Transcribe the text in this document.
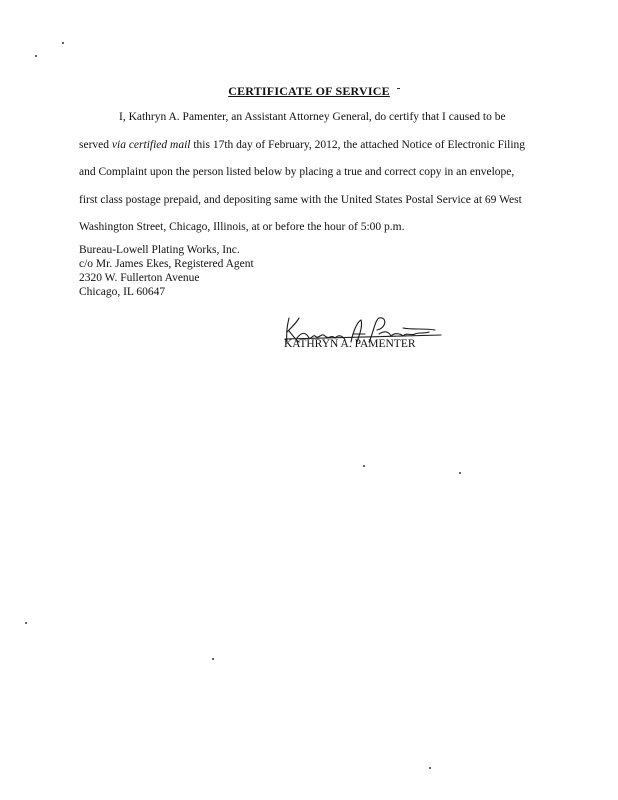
CERTIFICATE OF SERVICE
I, Kathryn A. Pamenter, an Assistant Attorney General, do certify that I caused to be
served via certified mail this 17th day of February, 2012, the attached Notice of Electronic Filing
and Complaint upon the person listed below by placing a true and correct copy in an envelope,
first class postage prepaid, and depositing same with the United States Postal Service at 69 West
Washington Street, Chicago, Illinois, at or before the hour of 5:00 p.m.
Bureau-Lowell Plating Works, Inc.
c/o Mr. James Ekes, Registered Agent
2320 W. Fullerton Avenue
Chicago, IL 60647
KATHRYN A. PAMENTER
